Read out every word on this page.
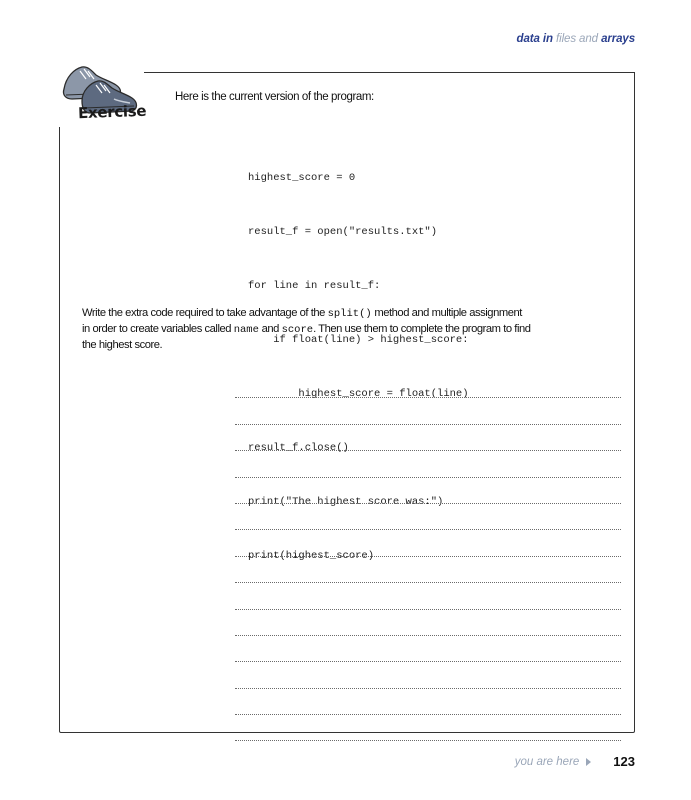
data in files and arrays
Exercise
Here is the current version of the program:

highest_score = 0

result_f = open("results.txt")

for line in result_f:

if float(line) > highest_score:

highest_score = float(line)

result_f.close()

print("The highest score was:")

print(highest_score)

Write the extra code required to take advantage of the split() method and multiple assignment in order to create variables called name and score. Then use them to complete the program to find the highest score.
you are here	123
